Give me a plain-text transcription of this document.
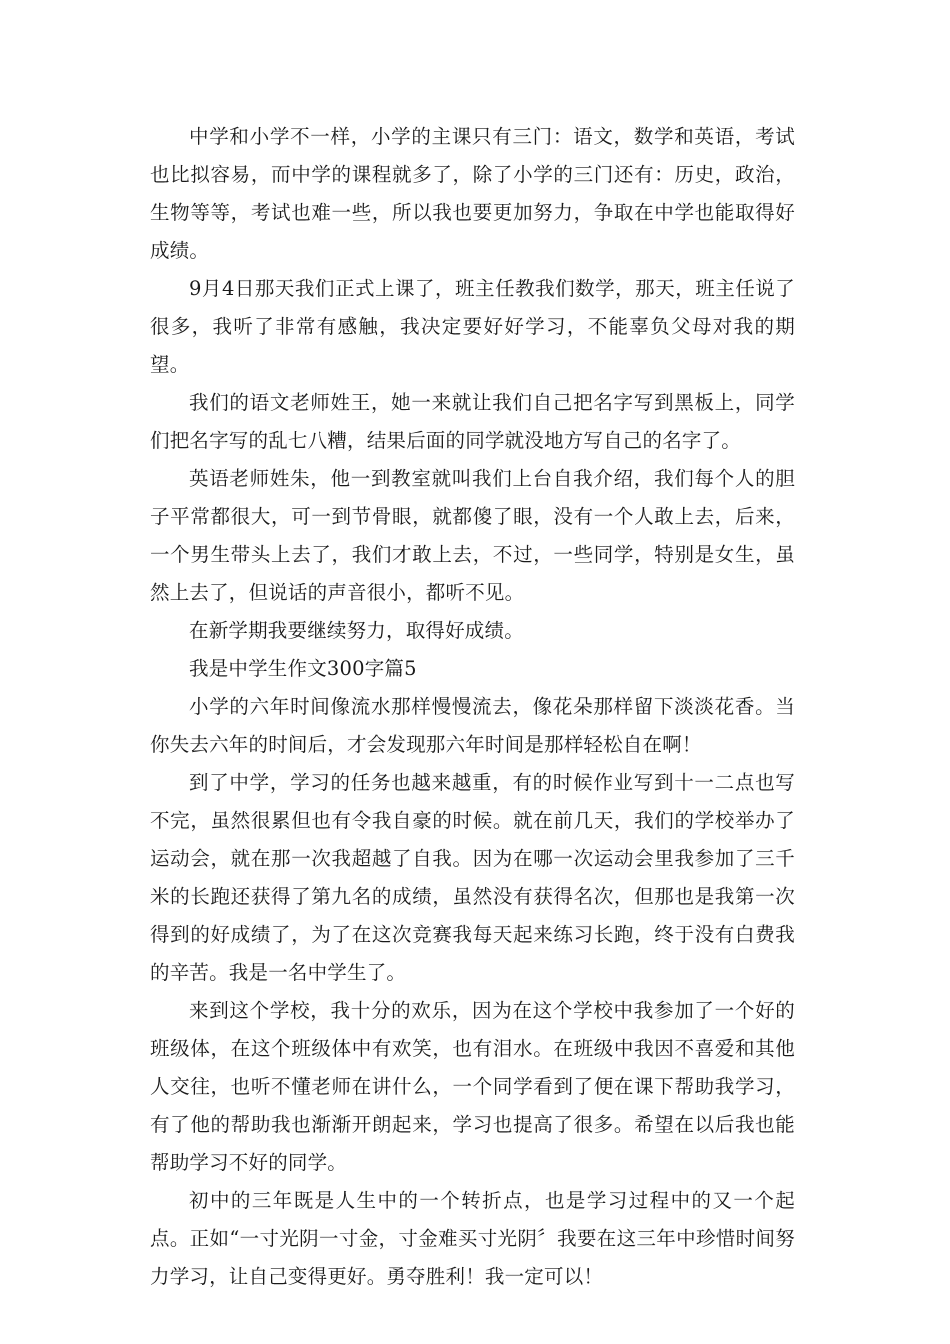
中学和小学不一样，小学的主课只有三门：语文，数学和英语，考试也比拟容易，而中学的课程就多了，除了小学的三门还有：历史，政治，生物等等，考试也难一些，所以我也要更加努力，争取在中学也能取得好成绩。

9月4日那天我们正式上课了，班主任教我们数学，那天，班主任说了很多，我听了非常有感触，我决定要好好学习，不能辜负父母对我的期望。

我们的语文老师姓王，她一来就让我们自己把名字写到黑板上，同学们把名字写的乱七八糟，结果后面的同学就没地方写自己的名字了。

英语老师姓朱，他一到教室就叫我们上台自我介绍，我们每个人的胆子平常都很大，可一到节骨眼，就都傻了眼，没有一个人敢上去，后来，一个男生带头上去了，我们才敢上去，不过，一些同学，特别是女生，虽然上去了，但说话的声音很小，都听不见。

在新学期我要继续努力，取得好成绩。

我是中学生作文300字篇5

小学的六年时间像流水那样慢慢流去，像花朵那样留下淡淡花香。当你失去六年的时间后，才会发现那六年时间是那样轻松自在啊！

到了中学，学习的任务也越来越重，有的时候作业写到十一二点也写不完，虽然很累但也有令我自豪的时候。就在前几天，我们的学校举办了运动会，就在那一次我超越了自我。因为在哪一次运动会里我参加了三千米的长跑还获得了第九名的成绩，虽然没有获得名次，但那也是我第一次得到的好成绩了，为了在这次竞赛我每天起来练习长跑，终于没有白费我的辛苦。我是一名中学生了。

来到这个学校，我十分的欢乐，因为在这个学校中我参加了一个好的班级体，在这个班级体中有欢笑，也有泪水。在班级中我因不喜爱和其他人交往，也听不懂老师在讲什么，一个同学看到了便在课下帮助我学习，有了他的帮助我也渐渐开朗起来，学习也提高了很多。希望在以后我也能帮助学习不好的同学。

初中的三年既是人生中的一个转折点，也是学习过程中的又一个起点。正如“一寸光阴一寸金，寸金难买寸光阴〞我要在这三年中珍惜时间努力学习，让自己变得更好。勇夺胜利！我一定可以！
